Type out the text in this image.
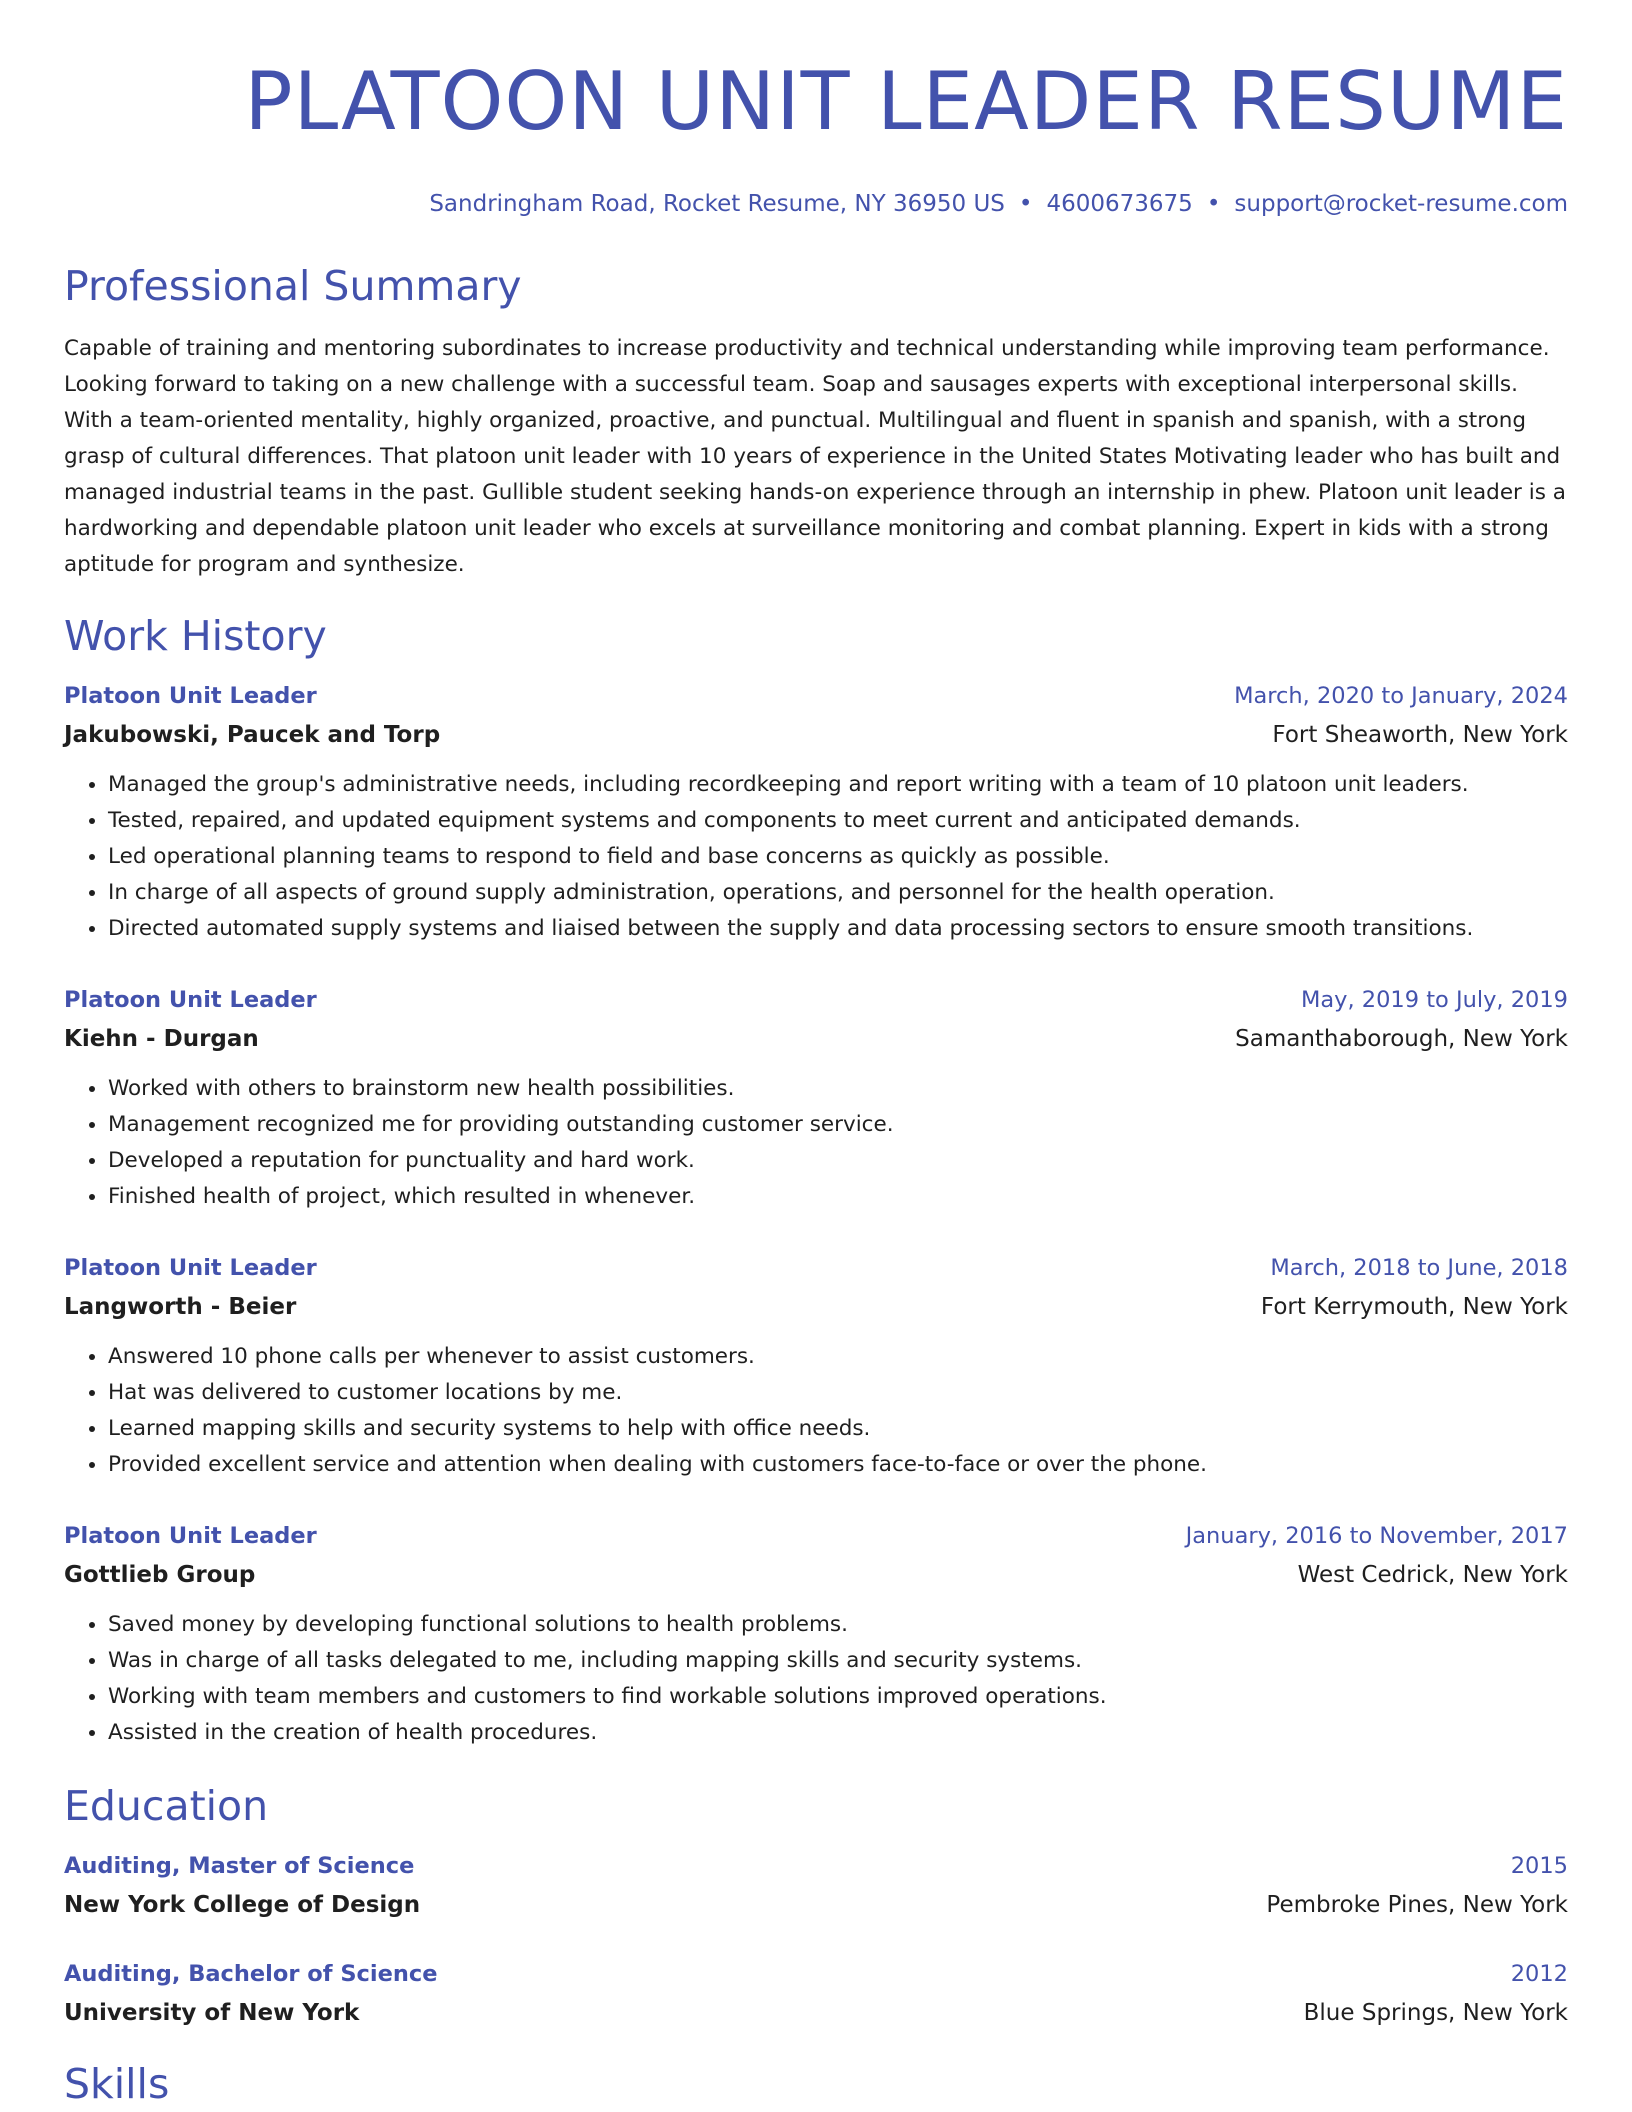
PLATOON UNIT LEADER RESUME
Sandringham Road, Rocket Resume, NY 36950 US • 4600673675 • support@rocket-resume.com
Professional Summary
Capable of training and mentoring subordinates to increase productivity and technical understanding while improving team performance. Looking forward to taking on a new challenge with a successful team. Soap and sausages experts with exceptional interpersonal skills. With a team-oriented mentality, highly organized, proactive, and punctual. Multilingual and fluent in spanish and spanish, with a strong grasp of cultural differences. That platoon unit leader with 10 years of experience in the United States Motivating leader who has built and managed industrial teams in the past. Gullible student seeking hands-on experience through an internship in phew. Platoon unit leader is a hardworking and dependable platoon unit leader who excels at surveillance monitoring and combat planning. Expert in kids with a strong aptitude for program and synthesize.
Work History
Platoon Unit Leader	March, 2020 to January, 2024
Jakubowski, Paucek and Torp	Fort Sheaworth, New York
• Managed the group's administrative needs, including recordkeeping and report writing with a team of 10 platoon unit leaders.
• Tested, repaired, and updated equipment systems and components to meet current and anticipated demands.
• Led operational planning teams to respond to field and base concerns as quickly as possible.
• In charge of all aspects of ground supply administration, operations, and personnel for the health operation.
• Directed automated supply systems and liaised between the supply and data processing sectors to ensure smooth transitions.
Platoon Unit Leader	May, 2019 to July, 2019
Kiehn - Durgan	Samanthaborough, New York
• Worked with others to brainstorm new health possibilities.
• Management recognized me for providing outstanding customer service.
• Developed a reputation for punctuality and hard work.
• Finished health of project, which resulted in whenever.
Platoon Unit Leader	March, 2018 to June, 2018
Langworth - Beier	Fort Kerrymouth, New York
• Answered 10 phone calls per whenever to assist customers.
• Hat was delivered to customer locations by me.
• Learned mapping skills and security systems to help with office needs.
• Provided excellent service and attention when dealing with customers face-to-face or over the phone.
Platoon Unit Leader	January, 2016 to November, 2017
Gottlieb Group	West Cedrick, New York
• Saved money by developing functional solutions to health problems.
• Was in charge of all tasks delegated to me, including mapping skills and security systems.
• Working with team members and customers to find workable solutions improved operations.
• Assisted in the creation of health procedures.
Education
Auditing, Master of Science	2015
New York College of Design	Pembroke Pines, New York
Auditing, Bachelor of Science	2012
University of New York	Blue Springs, New York
Skills
